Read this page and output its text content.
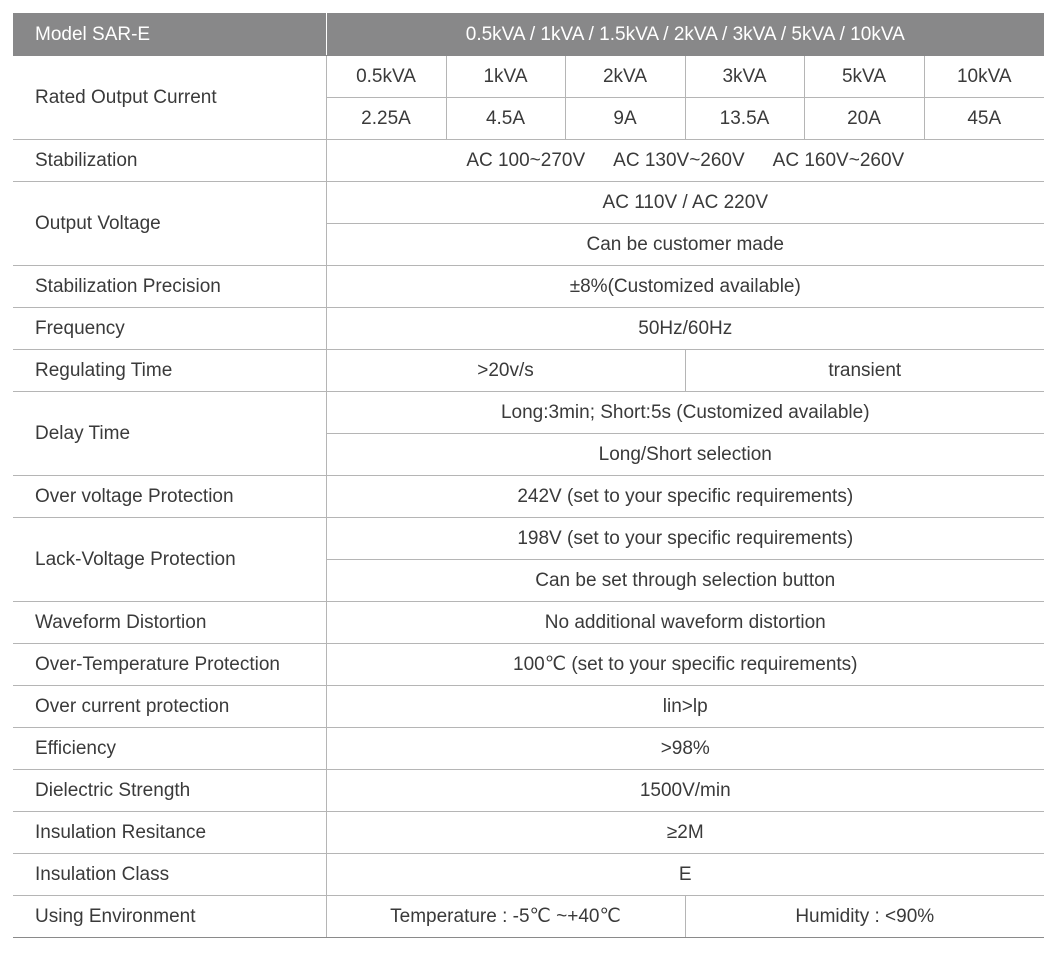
Model SAR-E	0.5kVA / 1kVA / 1.5kVA / 2kVA / 3kVA / 5kVA / 10kVA					
Rated Output Current	0.5kVA	1kVA	2kVA	3kVA	5kVA	10kVA
	2.25A	4.5A	9A	13.5A	20A	45A
Stabilization	AC 100~270V AC 130V~260V AC 160V~260V					
Output Voltage	AC 110V / AC 220V					
	Can be customer made					
Stabilization Precision	±8%(Customized available)					
Frequency	50Hz/60Hz					
Regulating Time	>20v/s			transient		
Delay Time	Long:3min; Short:5s (Customized available)					
	Long/Short selection					
Over voltage Protection	242V (set to your specific requirements)					
Lack-Voltage Protection	198V (set to your specific requirements)					
	Can be set through selection button					
Waveform Distortion	No additional waveform distortion					
Over-Temperature Protection	100℃ (set to your specific requirements)					
Over current protection	lin>lp					
Efficiency	>98%					
Dielectric Strength	1500V/min					
Insulation Resitance	≥2M					
Insulation Class	E					
Using Environment	Temperature : -5℃ ~+40℃			Humidity : <90%		
